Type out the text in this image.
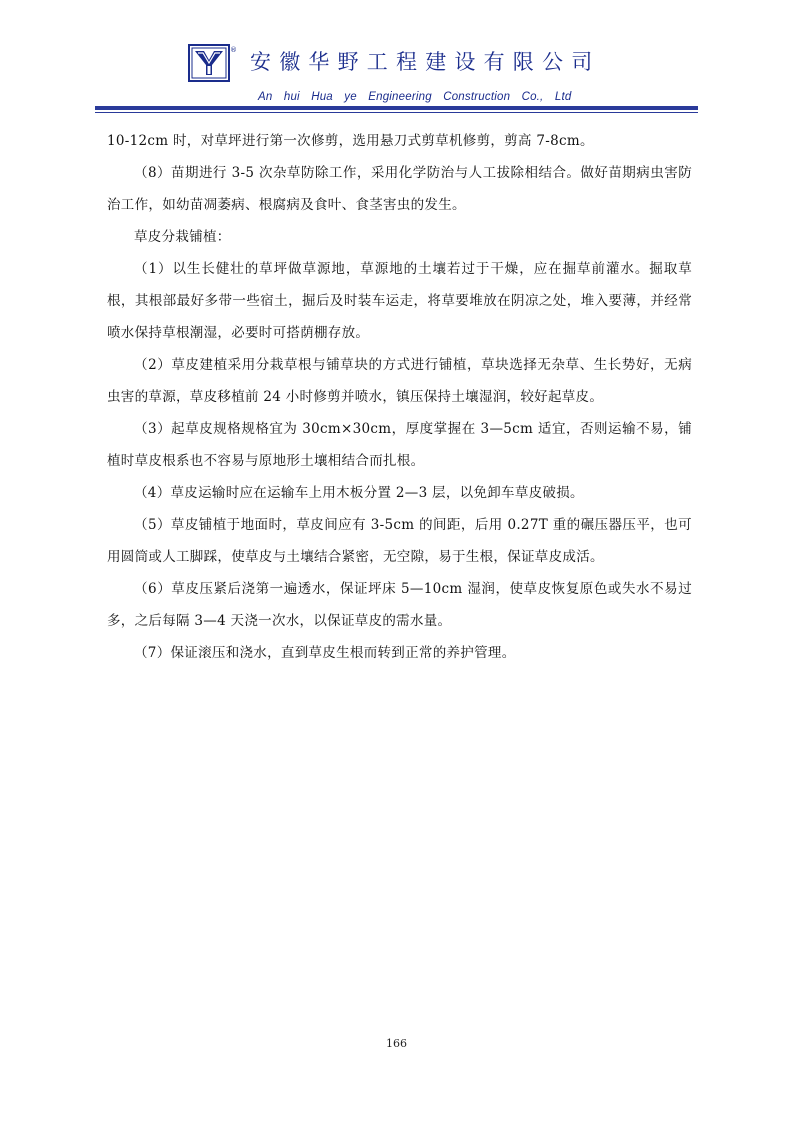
® 安徽华野工程建设有限公司
An hui Hua ye Engineering Construction Co., Ltd

10-12cm 时，对草坪进行第一次修剪，选用悬刀式剪草机修剪，剪高 7-8cm。

（8）苗期进行 3-5 次杂草防除工作，采用化学防治与人工拔除相结合。做好苗期病虫害防治工作，如幼苗凋萎病、根腐病及食叶、食茎害虫的发生。

草皮分栽铺植：

（1）以生长健壮的草坪做草源地，草源地的土壤若过于干燥，应在掘草前灌水。掘取草根，其根部最好多带一些宿土，掘后及时装车运走，将草要堆放在阴凉之处，堆入要薄，并经常喷水保持草根潮湿，必要时可搭荫棚存放。

（2）草皮建植采用分栽草根与铺草块的方式进行铺植，草块选择无杂草、生长势好，无病虫害的草源，草皮移植前 24 小时修剪并喷水，镇压保持土壤湿润，较好起草皮。

（3）起草皮规格规格宜为 30cm×30cm，厚度掌握在 3—5cm 适宜，否则运输不易，铺植时草皮根系也不容易与原地形土壤相结合而扎根。

（4）草皮运输时应在运输车上用木板分置 2—3 层，以免卸车草皮破损。

（5）草皮铺植于地面时，草皮间应有 3-5cm 的间距，后用 0.27T 重的碾压器压平，也可用圆筒或人工脚踩，使草皮与土壤结合紧密，无空隙，易于生根，保证草皮成活。

（6）草皮压紧后浇第一遍透水，保证坪床 5—10cm 湿润，使草皮恢复原色或失水不易过多，之后每隔 3—4 天浇一次水，以保证草皮的需水量。

（7）保证滚压和浇水，直到草皮生根而转到正常的养护管理。

166
